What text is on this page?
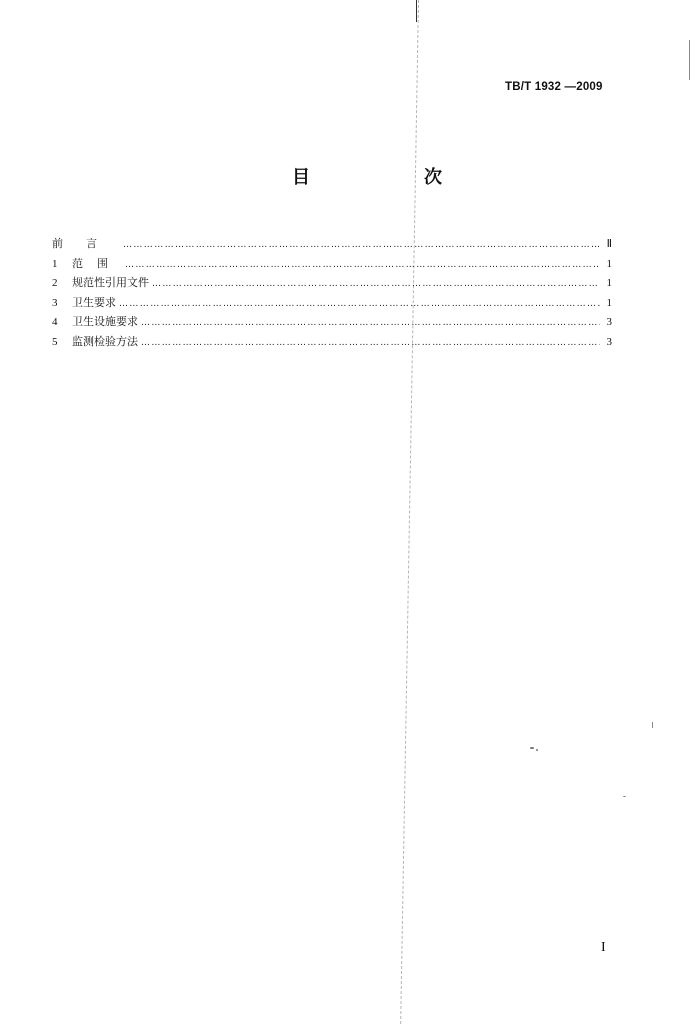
TB/T 1932 —2009
目　次
前言 ……………………………………………………………………………………………………………………………………………………………………………………………………………………	Ⅱ
1	范围 ……………………………………………………………………………………………………………………………………………………………………………………………………………………	1
2	规范性引用文件 ……………………………………………………………………………………………………………………………………………………………………………………………………………………	1
3	卫生要求 ……………………………………………………………………………………………………………………………………………………………………………………………………………………	1
4	卫生设施要求 ……………………………………………………………………………………………………………………………………………………………………………………………………………………	3
5	监测检验方法 ……………………………………………………………………………………………………………………………………………………………………………………………………………………	3
I
